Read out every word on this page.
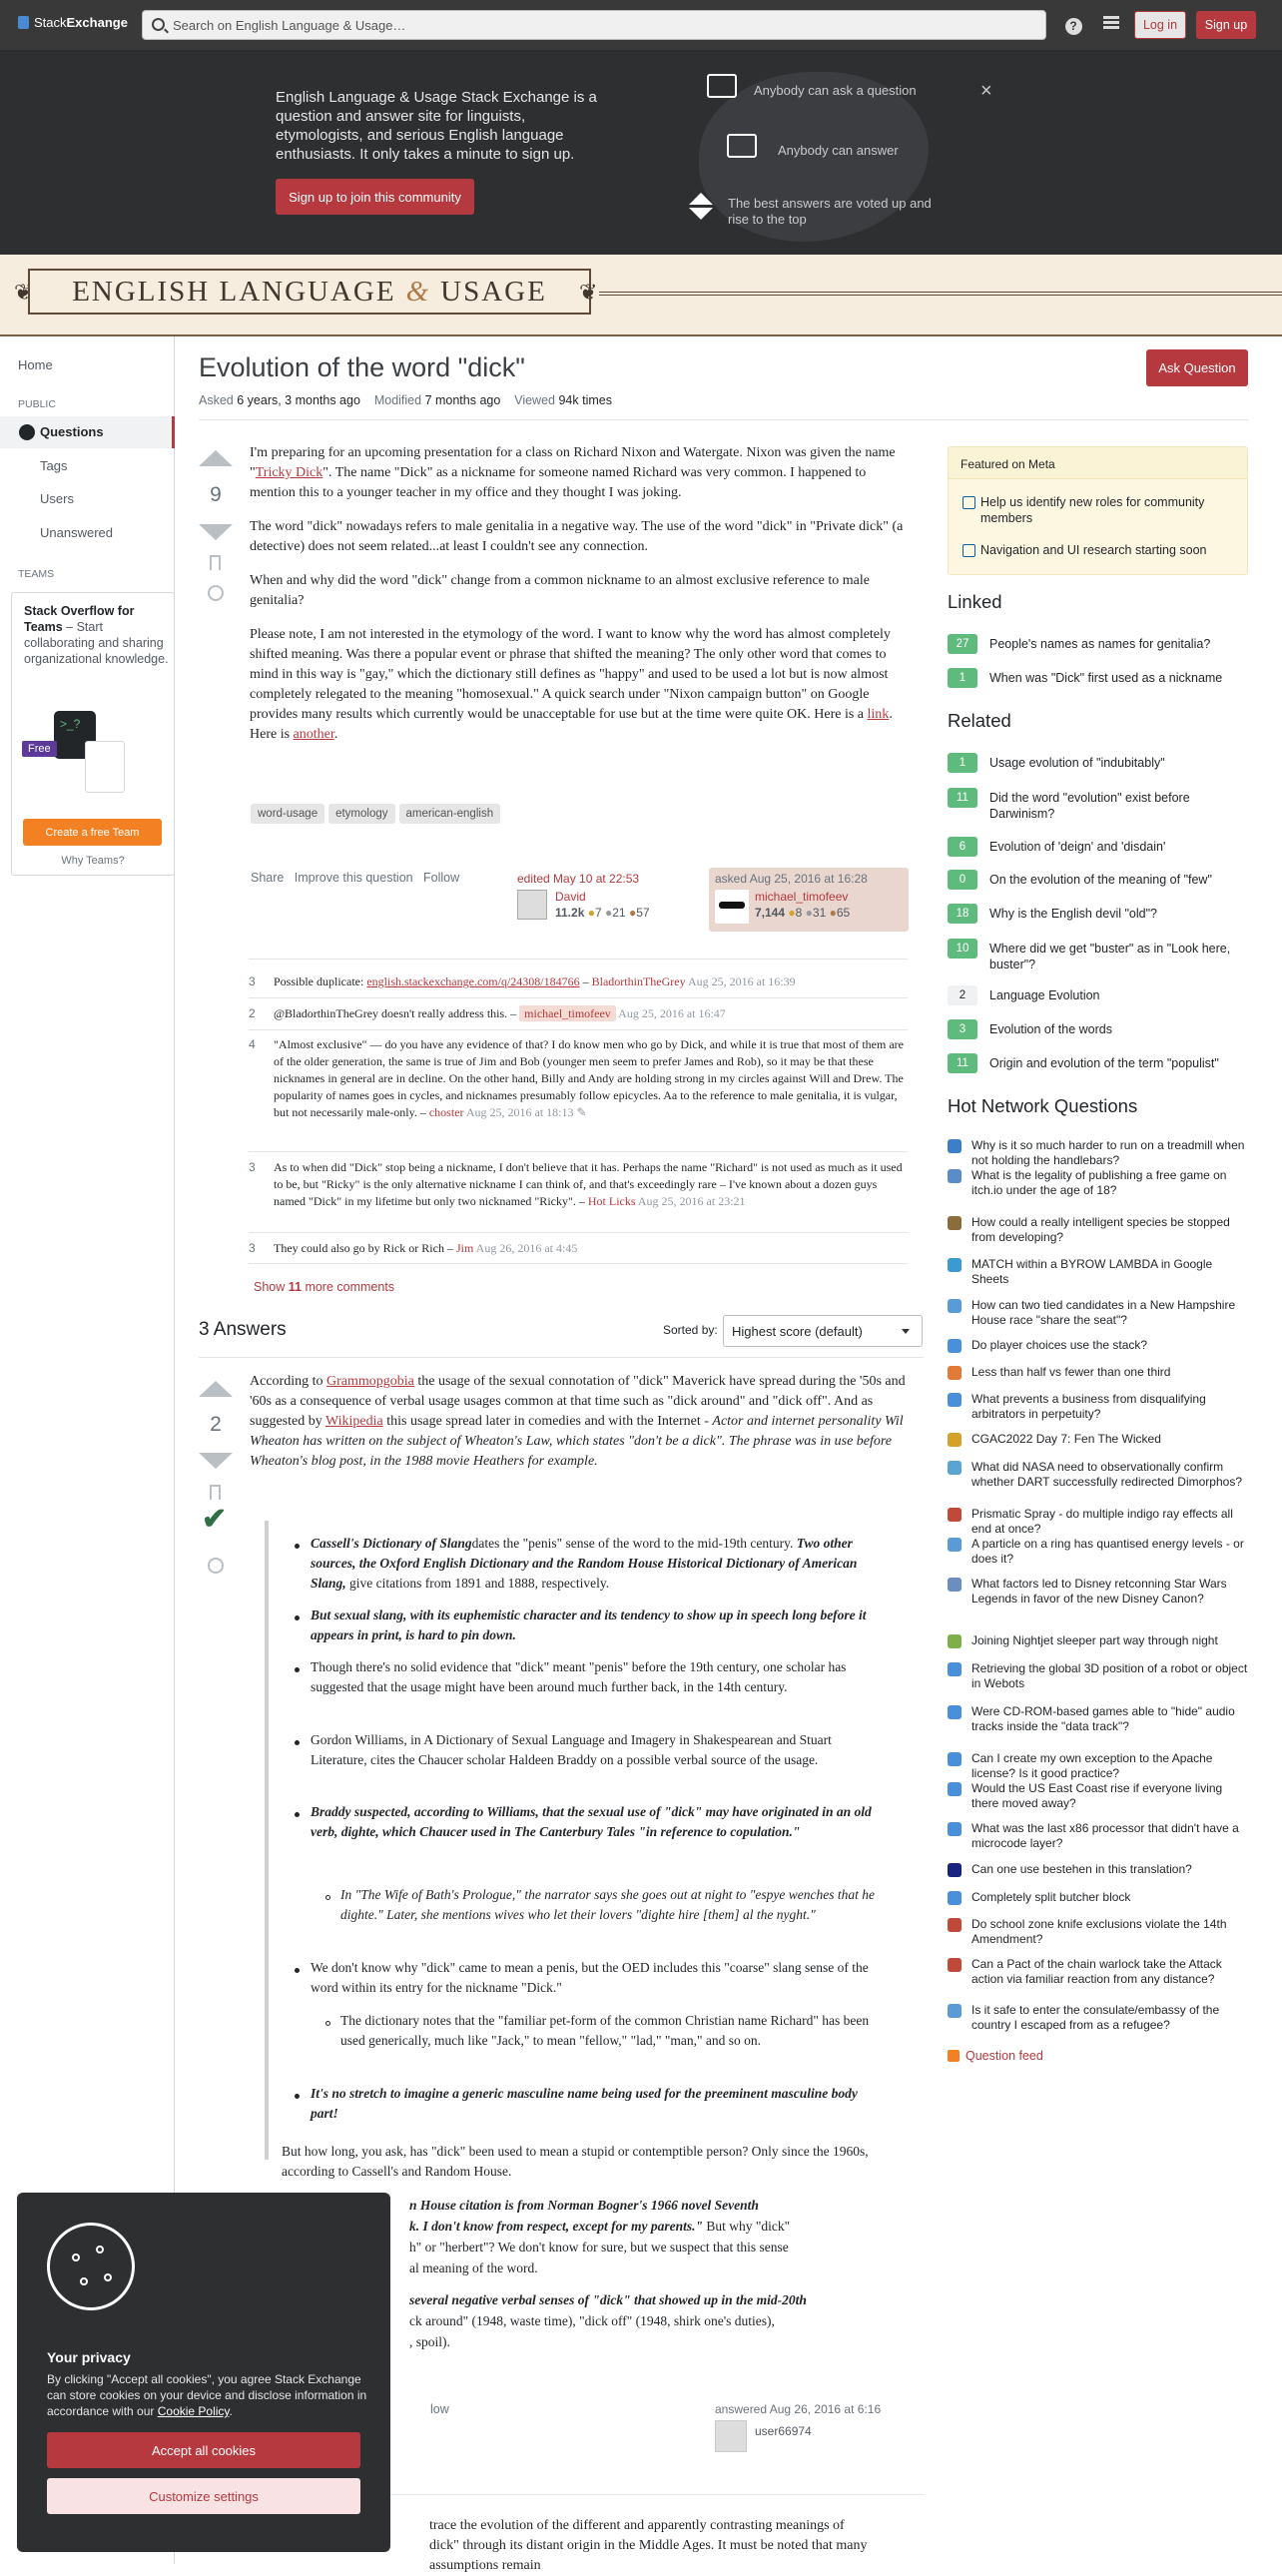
Stack Exchange	Search on English Language & Usage…	?	Log in	Sign up
English Language & Usage Stack Exchange is a question and answer site for linguists, etymologists, and serious English language enthusiasts. It only takes a minute to sign up.
Sign up to join this community
Anybody can ask a question
Anybody can answer
The best answers are voted up and rise to the top
×
❦ ENGLISH LANGUAGE & USAGE ❦
Home
PUBLIC
Questions
Tags
Users
Unanswered
TEAMS
Stack Overflow for Teams – Start collaborating and sharing organizational knowledge.
>_?
Free
Create a free Team
Why Teams?
Evolution of the word "dick"	Ask Question
Asked 6 years, 3 months ago Modified 7 months ago Viewed 94k times
9

I'm preparing for an upcoming presentation for a class on Richard Nixon and Watergate. Nixon was given the name "Tricky Dick". The name "Dick" as a nickname for someone named Richard was very common. I happened to mention this to a younger teacher in my office and they thought I was joking.

The word "dick" nowadays refers to male genitalia in a negative way. The use of the word "dick" in "Private dick" (a detective) does not seem related...at least I couldn't see any connection.

When and why did the word "dick" change from a common nickname to an almost exclusive reference to male genitalia?

Please note, I am not interested in the etymology of the word. I want to know why the word has almost completely shifted meaning. Was there a popular event or phrase that shifted the meaning? The only other word that comes to mind in this way is "gay," which the dictionary still defines as "happy" and used to be used a lot but is now almost completely relegated to the meaning "homosexual." A quick search under "Nixon campaign button" on Google provides many results which currently would be unacceptable for use but at the time were quite OK. Here is a link. Here is another.

word-usage etymology american-english
Share Improve this question Follow	edited May 10 at 22:53
David
11.2k ●7 ●21 ●57
asked Aug 25, 2016 at 16:28
michael_timofeev
7,144 ●8 ●31 ●65
3 Possible duplicate: english.stackexchange.com/q/24308/184766 – BladorthinTheGrey Aug 25, 2016 at 16:39
2 @BladorthinTheGrey doesn't really address this. – michael_timofeev Aug 25, 2016 at 16:47
4 "Almost exclusive" — do you have any evidence of that? I do know men who go by Dick, and while it is true that most of them are of the older generation, the same is true of Jim and Bob (younger men seem to prefer James and Rob), so it may be that these nicknames in general are in decline. On the other hand, Billy and Andy are holding strong in my circles against Will and Drew. The popularity of names goes in cycles, and nicknames presumably follow epicycles. Aa to the reference to male genitalia, it is vulgar, but not necessarily male-only. – choster Aug 25, 2016 at 18:13 ✎
3 As to when did "Dick" stop being a nickname, I don't believe that it has. Perhaps the name "Richard" is not used as much as it used to be, but "Ricky" is the only alternative nickname I can think of, and that's exceedingly rare – I've known about a dozen guys named "Dick" in my lifetime but only two nicknamed "Ricky". – Hot Licks Aug 25, 2016 at 23:21
3 They could also go by Rick or Rich – Jim Aug 26, 2016 at 4:45
Show 11 more comments
3 Answers	Sorted by:	Highest score (default)
2
✔
According to Grammopgobia the usage of the sexual connotation of "dick" Maverick have spread during the '50s and '60s as a consequence of verbal usage usages common at that time such as "dick around" and "dick off". And as suggested by Wikipedia this usage spread later in comedies and with the Internet - Actor and internet personality Wil Wheaton has written on the subject of Wheaton's Law, which states "don't be a dick". The phrase was in use before Wheaton's blog post, in the 1988 movie Heathers for example.
Cassell's Dictionary of Slangdates the "penis" sense of the word to the mid-19th century. Two other sources, the Oxford English Dictionary and the Random House Historical Dictionary of American Slang, give citations from 1891 and 1888, respectively.
But sexual slang, with its euphemistic character and its tendency to show up in speech long before it appears in print, is hard to pin down.
Though there's no solid evidence that "dick" meant "penis" before the 19th century, one scholar has suggested that the usage might have been around much further back, in the 14th century.
Gordon Williams, in A Dictionary of Sexual Language and Imagery in Shakespearean and Stuart Literature, cites the Chaucer scholar Haldeen Braddy on a possible verbal source of the usage.
Braddy suspected, according to Williams, that the sexual use of "dick" may have originated in an old verb, dighte, which Chaucer used in The Canterbury Tales "in reference to copulation."
In "The Wife of Bath's Prologue," the narrator says she goes out at night to "espye wenches that he dighte." Later, she mentions wives who let their lovers "dighte hire [them] al the nyght."
We don't know why "dick" came to mean a penis, but the OED includes this "coarse" slang sense of the word within its entry for the nickname "Dick."
The dictionary notes that the "familiar pet-form of the common Christian name Richard" has been used generically, much like "Jack," to mean "fellow," "lad," "man," and so on.
It's no stretch to imagine a generic masculine name being used for the preeminent masculine body part!
But how long, you ask, has "dick" been used to mean a stupid or contemptible person? Only since the 1960s, according to Cassell's and Random House.
n House citation is from Norman Bogner's 1966 novel Seventh
k. I don't know from respect, except for my parents." But why "dick"
h" or "herbert"? We don't know for sure, but we suspect that this sense
al meaning of the word.
several negative verbal senses of "dick" that showed up in the mid-20th
ck around" (1948, waste time), "dick off" (1948, shirk one's duties),
, spoil).
low	answered Aug 26, 2016 at 6:16
user66974
trace the evolution of the different and apparently contrasting meanings of
dick" through its distant origin in the Middle Ages. It must be noted that many assumptions remain
Featured on Meta
Help us identify new roles for community members
Navigation and UI research starting soon
Linked
27	People's names as names for genitalia?
1	When was "Dick" first used as a nickname
Related
1	Usage evolution of "indubitably"
11	Did the word "evolution" exist before Darwinism?
6	Evolution of 'deign' and 'disdain'
0	On the evolution of the meaning of "few"
18	Why is the English devil "old"?
10	Where did we get "buster" as in "Look here, buster"?
2	Language Evolution
3	Evolution of the words
11	Origin and evolution of the term "populist"
Hot Network Questions
Why is it so much harder to run on a treadmill when not holding the handlebars?
What is the legality of publishing a free game on itch.io under the age of 18?
How could a really intelligent species be stopped from developing?
MATCH within a BYROW LAMBDA in Google Sheets
How can two tied candidates in a New Hampshire House race "share the seat"?
Do player choices use the stack?
Less than half vs fewer than one third
What prevents a business from disqualifying arbitrators in perpetuity?
CGAC2022 Day 7: Fen The Wicked
What did NASA need to observationally confirm whether DART successfully redirected Dimorphos?
Prismatic Spray - do multiple indigo ray effects all end at once?
A particle on a ring has quantised energy levels - or does it?
What factors led to Disney retconning Star Wars Legends in favor of the new Disney Canon?
Joining Nightjet sleeper part way through night
Retrieving the global 3D position of a robot or object in Webots
Were CD-ROM-based games able to "hide" audio tracks inside the "data track"?
Can I create my own exception to the Apache license? Is it good practice?
Would the US East Coast rise if everyone living there moved away?
What was the last x86 processor that didn't have a microcode layer?
Can one use bestehen in this translation?
Completely split butcher block
Do school zone knife exclusions violate the 14th Amendment?
Can a Pact of the chain warlock take the Attack action via familiar reaction from any distance?
Is it safe to enter the consulate/embassy of the country I escaped from as a refugee?
Question feed
Your privacy
By clicking "Accept all cookies", you agree Stack Exchange can store cookies on your device and disclose information in accordance with our Cookie Policy.
Accept all cookies
Customize settings
